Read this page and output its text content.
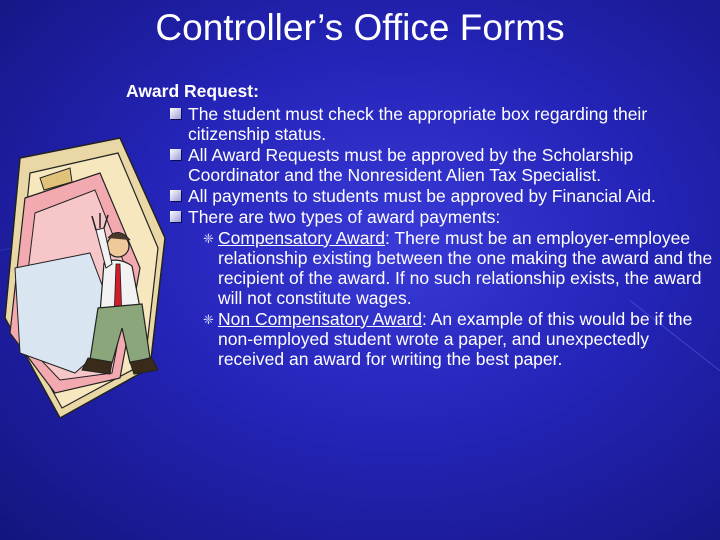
Controller’s Office Forms
Award Request:
The student must check the appropriate box regarding their citizenship status.
All Award Requests must be approved by the Scholarship Coordinator and the Nonresident Alien Tax Specialist.
All payments to students must be approved by Financial Aid.
There are two types of award payments:
❈ Compensatory Award: There must be an employer-employee relationship existing between the one making the award and the recipient of the award. If no such relationship exists, the award will not constitute wages.
❈ Non Compensatory Award: An example of this would be if the non-employed student wrote a paper, and unexpectedly received an award for writing the best paper.
